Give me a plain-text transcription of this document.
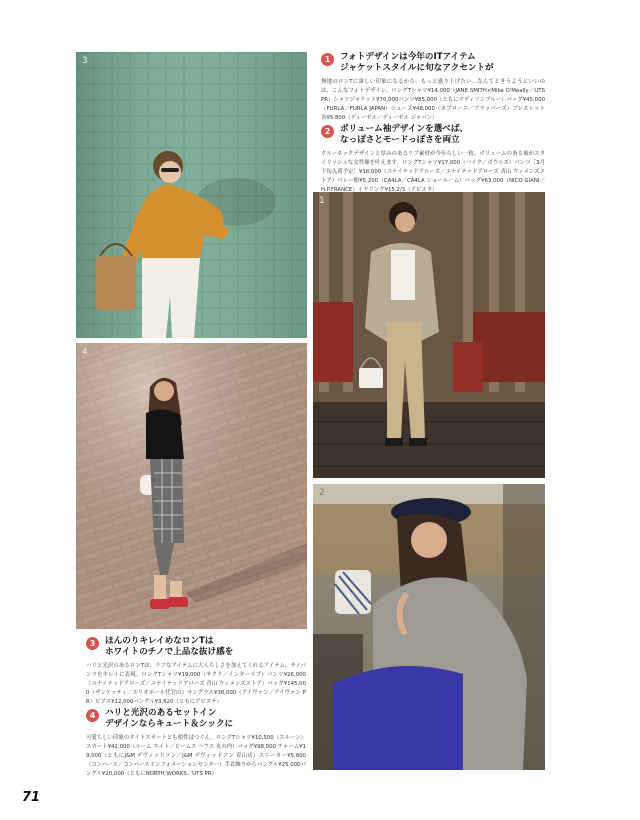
3
1
4
2
1	フォトデザインは今年のITアイテム
ジャケットスタイルに旬なアクセントが
無地のロンTに誰しい印象になるから、もっと盛り上げたい…なんてときうようといいのは、こんなフォトデザイン。ロングTシャツ¥14,000（JANE SMITH×Mike O'Meally／UTS PR）シャツジャケット¥70,000パンツ¥85,000（ともにマディソンブルー）バッグ¥45,000（FURLA／FURLA JAPAN）シューズ¥48,000（ネブローニ／ブラッパーズ）ブレスレット各¥5,800（ディーゼル／ディーゼル ジャパン）
2	ボリューム袖デザインを選べば、
なっぽさとモードっぽさを両立
クルーネックデザインと厚みのあるリブ素材が今年らしい一枚。ボリュームのある袖がスタイリッシュな女性像を叶えます。ロングTシャツ¥17,000（ハイク／ボウルズ）パンツ［3月下旬入荷予定］¥18,000（ユナイテッドアローズ／ユナイテッドアローズ 青山 ウィメンズストア）ベレー帽¥5,200（CA4LA／CA4LA ショールーム）バッグ¥63,000（NICO GIANI／H.P.FRANCE）イヤリング¥15,2/3（アビスタ）
3	ほんのりキレイめなロンTは
ホワイトのチノで上品な抜け感を
ハリと光沢のあるロンTは、ラフなアイテムに大人らしさを加えてくれるアイテム。チノパンツをキレイに表現。ロングTシャツ¥19,000（サクラ／インターリブ）パンツ¥26,000（ユナイテッドアローズ／ユナイテッドアローズ 青山 ウィメンズストア）バッグ¥145,000（ザンケッティ／エリオポール代官山）サングラス¥38,000（アイヴァン／アイヴァン PR）ピアス¥12,000バングル¥3,620（ともにアビステ）
4	ハリと光沢のあるセットイン
デザインならキュート＆シックに
可愛らしい印象のタイトスカートとも相性ばつぐん。ロングTシャツ¥10,500（エルーン）スカート¥42,000（ルーム エイト／ビームス ハウス 丸の内）バッグ¥98,000 チャーム¥19,000（ともにJ&M デヴィッドソン／J&M デヴィッドソン 青山店）スニーカー¥5,800（コンバース／コンバースインフォメーションセンター）手首飾りからバングル¥25,000バングル¥20,000（ともにNORTH WORKS／UTS PR）
71
